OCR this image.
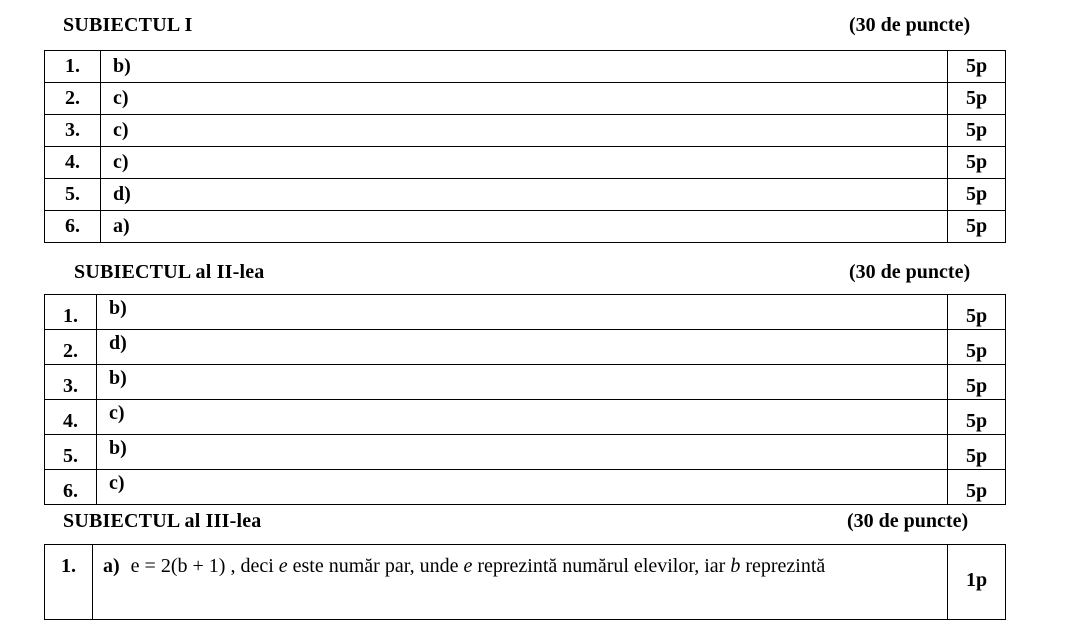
SUBIECTUL I	(30 de puncte)
1.	b)	5p
2.	c)	5p
3.	c)	5p
4.	c)	5p
5.	d)	5p
6.	a)	5p
SUBIECTUL al II-lea	(30 de puncte)
1.	b)	5p
2.	d)	5p
3.	b)	5p
4.	c)	5p
5.	b)	5p
6.	c)	5p
SUBIECTUL al III-lea	(30 de puncte)
1.	a) e = 2(b + 1) , deci e este număr par, unde e reprezintă numărul elevilor, iar b reprezintă	1p
